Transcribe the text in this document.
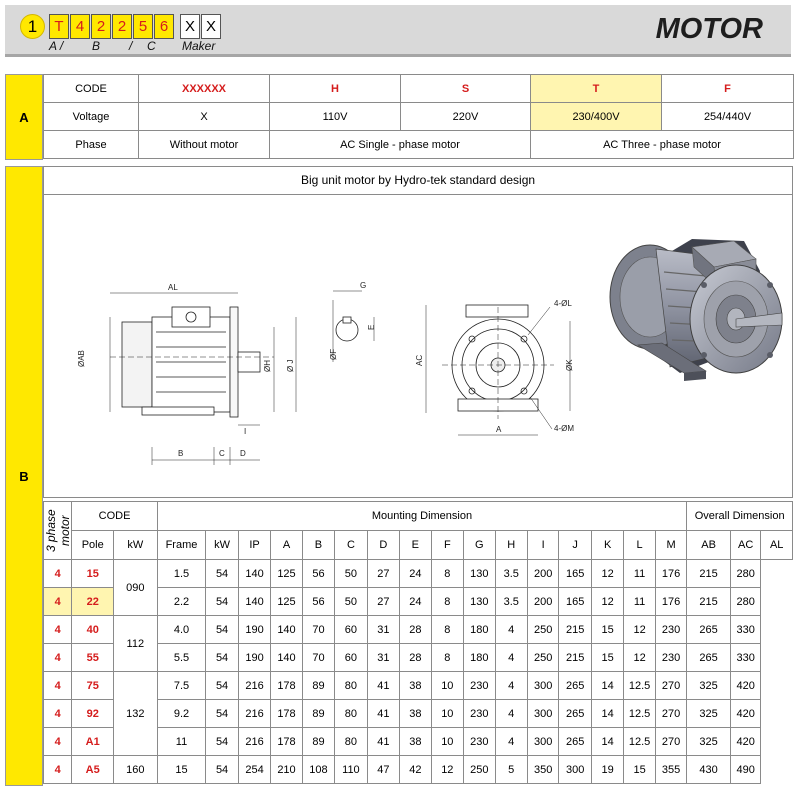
1	T 4 2 2 5 6	X X
A / B / C Maker
MOTOR
A
CODE	XXXXXX	H	S	T	F
Voltage	X	110V	220V	230/400V	254/440V
Phase	Without motor	AC Single - phase motor		AC Three - phase motor	
B
Big unit motor by Hydro-tek standard design
AL
ØAB	ØH Ø J
B	C D
I
G
E
ØF
4-ØL
AC	ØK
A	4-ØM
3 phase motor	CODE		Mounting Dimension																Overall Dimension		
	Pole	kW	Frame	kW	IP	A	B	C	D	E	F	G	H	I	J	K	L	M	AB	AC	AL
4	15	090	1.5	54	140	125	56	50	27	24	8	130	3.5	200	165	12	11	176	215	280	
4	22		2.2	54	140	125	56	50	27	24	8	130	3.5	200	165	12	11	176	215	280	
4	40	112	4.0	54	190	140	70	60	31	28	8	180	4	250	215	15	12	230	265	330	
4	55		5.5	54	190	140	70	60	31	28	8	180	4	250	215	15	12	230	265	330	
4	75	132	7.5	54	216	178	89	80	41	38	10	230	4	300	265	14	12.5	270	325	420	
4	92		9.2	54	216	178	89	80	41	38	10	230	4	300	265	14	12.5	270	325	420	
4	A1		11	54	216	178	89	80	41	38	10	230	4	300	265	14	12.5	270	325	420	
4	A5	160	15	54	254	210	108	110	47	42	12	250	5	350	300	19	15	355	430	490	
